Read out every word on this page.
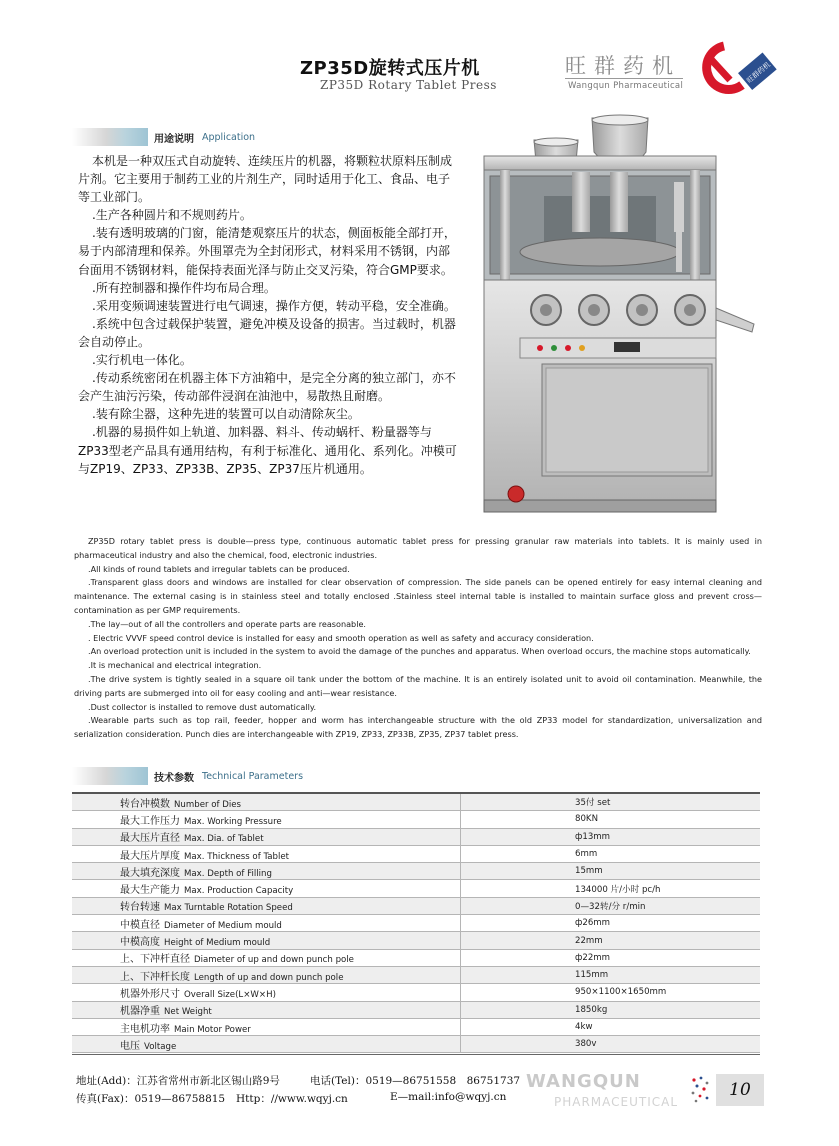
ZP35D旋转式压片机
ZP35D Rotary Tablet Press
旺群药机
Wangqun Pharmaceutical
旺群药机
用途说明 Application

本机是一种双压式自动旋转、连续压片的机器，将颗粒状原料压制成片剂。它主要用于制药工业的片剂生产，同时适用于化工、食品、电子等工业部门。

.生产各种圆片和不规则药片。

.装有透明玻璃的门窗，能清楚观察压片的状态，侧面板能全部打开，易于内部清理和保养。外围罩壳为全封闭形式，材料采用不锈钢，内部台面用不锈钢材料，能保持表面光泽与防止交叉污染，符合GMP要求。

.所有控制器和操作件均布局合理。

.采用变频调速装置进行电气调速，操作方便，转动平稳，安全准确。

.系统中包含过载保护装置，避免冲模及设备的损害。当过载时，机器会自动停止。

.实行机电一体化。

.传动系统密闭在机器主体下方油箱中，是完全分离的独立部门，亦不会产生油污污染，传动部件浸润在油池中，易散热且耐磨。

.装有除尘器，这种先进的装置可以自动清除灰尘。

.机器的易损件如上轨道、加料器、料斗、传动蜗杆、粉量器等与ZP33型老产品具有通用结构，有利于标准化、通用化、系列化。冲模可与ZP19、ZP33、ZP33B、ZP35、ZP37压片机通用。

ZP35D rotary tablet press is double—press type, continuous automatic tablet press for pressing granular raw materials into tablets. It is mainly used in pharmaceutical industry and also the chemical, food, electronic industries.

.All kinds of round tablets and irregular tablets can be produced.

.Transparent glass doors and windows are installed for clear observation of compression. The side panels can be opened entirely for easy internal cleaning and maintenance. The external casing is in stainless steel and totally enclosed .Stainless steel internal table is installed to maintain surface gloss and prevent cross—contamination as per GMP requirements.

.The lay—out of all the controllers and operate parts are reasonable.

. Electric VVVF speed control device is installed for easy and smooth operation as well as safety and accuracy consideration.

.An overload protection unit is included in the system to avoid the damage of the punches and apparatus. When overload occurs, the machine stops automatically.

.It is mechanical and electrical integration.

.The drive system is tightly sealed in a square oil tank under the bottom of the machine. It is an entirely isolated unit to avoid oil contamination. Meanwhile, the driving parts are submerged into oil for easy cooling and anti—wear resistance.

.Dust collector is installed to remove dust automatically.

.Wearable parts such as top rail, feeder, hopper and worm has interchangeable structure with the old ZP33 model for standardization, universalization and serialization consideration. Punch dies are interchangeable with ZP19, ZP33, ZP33B, ZP35, ZP37 tablet press.

技术参数 Technical Parameters
转台冲模数 Number of Dies	35付 set
最大工作压力 Max. Working Pressure	80KN
最大压片直径 Max. Dia. of Tablet	ф13mm
最大压片厚度 Max. Thickness of Tablet	6mm
最大填充深度 Max. Depth of Filling	15mm
最大生产能力 Max. Production Capacity	134000 片/小时 pc/h
转台转速 Max Turntable Rotation Speed	0—32转/分 r/min
中模直径 Diameter of Medium mould	ф26mm
中模高度 Height of Medium mould	22mm
上、下冲杆直径 Diameter of up and down punch pole	ф22mm
上、下冲杆长度 Length of up and down punch pole	115mm
机器外形尺寸 Overall Size(L×W×H)	950×1100×1650mm
机器净重 Net Weight	1850kg
主电机功率 Main Motor Power	4kw
电压 Voltage	380v
地址(Add)：江苏省常州市新北区锡山路9号	电话(Tel)：0519—86751558　86751737
传真(Fax)：0519—86758815 Http：//www.wqyj.cn	E—mail:info@wqyj.cn
WANGQUN
PHARMACEUTICAL
10
